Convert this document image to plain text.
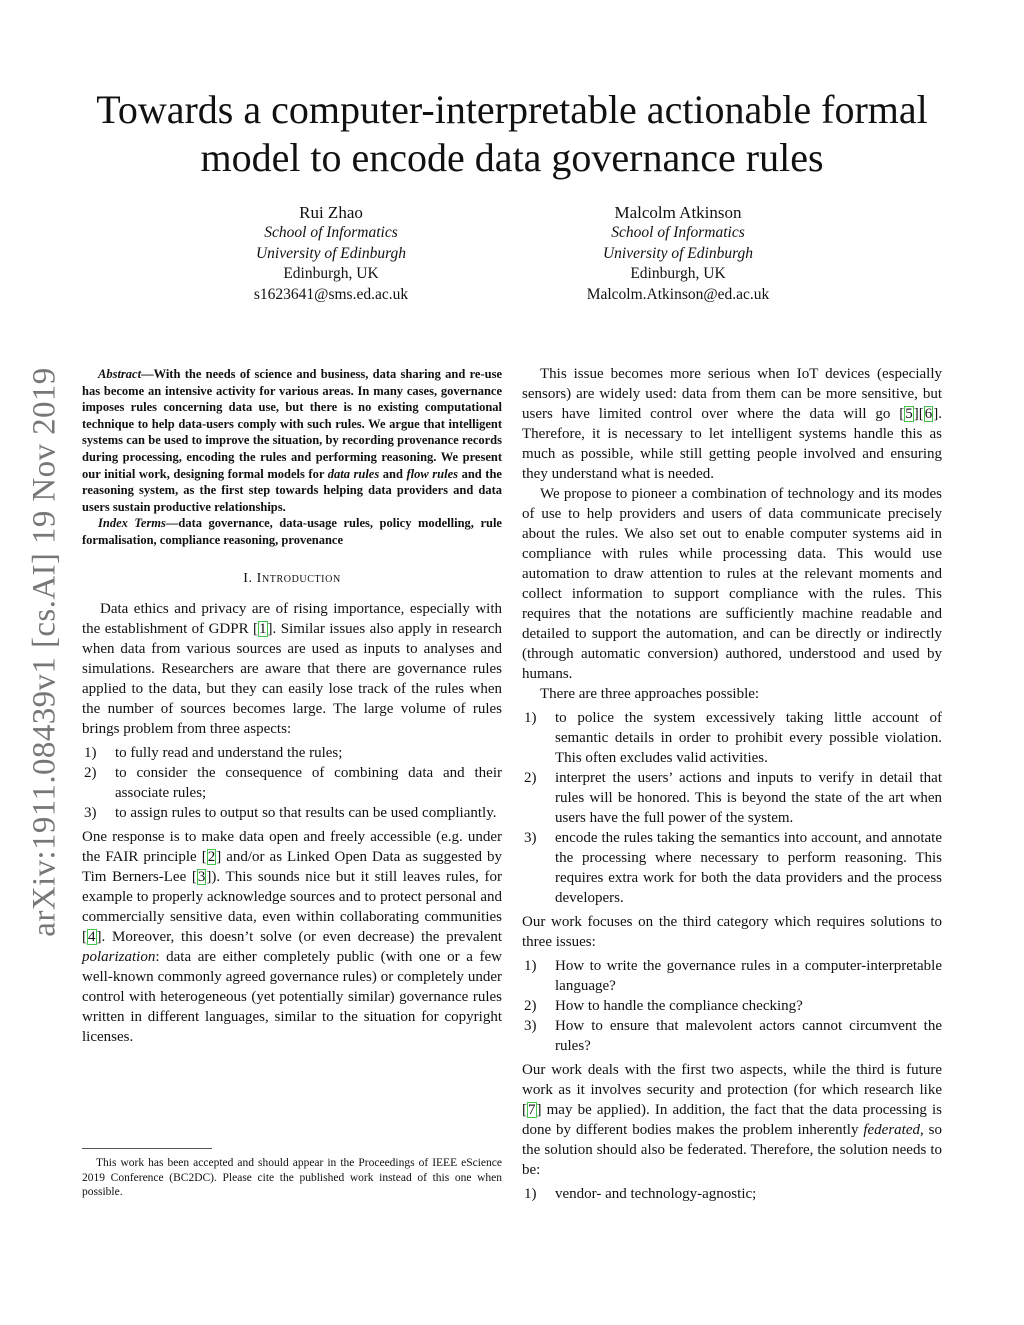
arXiv:1911.08439v1 [cs.AI] 19 Nov 2019
Towards a computer-interpretable actionable formal
model to encode data governance rules
Rui Zhao
School of Informatics
University of Edinburgh
Edinburgh, UK
s1623641@sms.ed.ac.uk
Malcolm Atkinson
School of Informatics
University of Edinburgh
Edinburgh, UK
Malcolm.Atkinson@ed.ac.uk

Abstract—With the needs of science and business, data sharing and re-use has become an intensive activity for various areas. In many cases, governance imposes rules concerning data use, but there is no existing computational technique to help data-users comply with such rules. We argue that intelligent systems can be used to improve the situation, by recording provenance records during processing, encoding the rules and performing reasoning. We present our initial work, designing formal models for data rules and flow rules and the reasoning system, as the first step towards helping data providers and data users sustain productive relationships.

Index Terms—data governance, data-usage rules, policy modelling, rule formalisation, compliance reasoning, provenance

I. Introduction

Data ethics and privacy are of rising importance, especially with the establishment of GDPR [1]. Similar issues also apply in research when data from various sources are used as inputs to analyses and simulations. Researchers are aware that there are governance rules applied to the data, but they can easily lose track of the rules when the number of sources becomes large. The large volume of rules brings problem from three aspects:

1) to fully read and understand the rules;
2) to consider the consequence of combining data and their associate rules;
3) to assign rules to output so that results can be used compliantly.

One response is to make data open and freely accessible (e.g. under the FAIR principle [2] and/or as Linked Open Data as suggested by Tim Berners-Lee [3]). This sounds nice but it still leaves rules, for example to properly acknowledge sources and to protect personal and commercially sensitive data, even within collaborating communities [4]. Moreover, this doesn’t solve (or even decrease) the prevalent polarization: data are either completely public (with one or a few well-known commonly agreed governance rules) or completely under control with heterogeneous (yet potentially similar) governance rules written in different languages, similar to the situation for copyright licenses.

This work has been accepted and should appear in the Proceedings of IEEE eScience 2019 Conference (BC2DC). Please cite the published work instead of this one when possible.

This issue becomes more serious when IoT devices (especially sensors) are widely used: data from them can be more sensitive, but users have limited control over where the data will go [5][6]. Therefore, it is necessary to let intelligent systems handle this as much as possible, while still getting people involved and ensuring they understand what is needed.

We propose to pioneer a combination of technology and its modes of use to help providers and users of data communicate precisely about the rules. We also set out to enable computer systems aid in compliance with rules while processing data. This would use automation to draw attention to rules at the relevant moments and collect information to support compliance with the rules. This requires that the notations are sufficiently machine readable and detailed to support the automation, and can be directly or indirectly (through automatic conversion) authored, understood and used by humans.

There are three approaches possible:

1) to police the system excessively taking little account of semantic details in order to prohibit every possible violation. This often excludes valid activities.
2) interpret the users’ actions and inputs to verify in detail that rules will be honored. This is beyond the state of the art when users have the full power of the system.
3) encode the rules taking the semantics into account, and annotate the processing where necessary to perform reasoning. This requires extra work for both the data providers and the process developers.

Our work focuses on the third category which requires solutions to three issues:

1) How to write the governance rules in a computer-interpretable language?
2) How to handle the compliance checking?
3) How to ensure that malevolent actors cannot circumvent the rules?

Our work deals with the first two aspects, while the third is future work as it involves security and protection (for which research like [7] may be applied). In addition, the fact that the data processing is done by different bodies makes the problem inherently federated, so the solution should also be federated. Therefore, the solution needs to be:

1) vendor- and technology-agnostic;
